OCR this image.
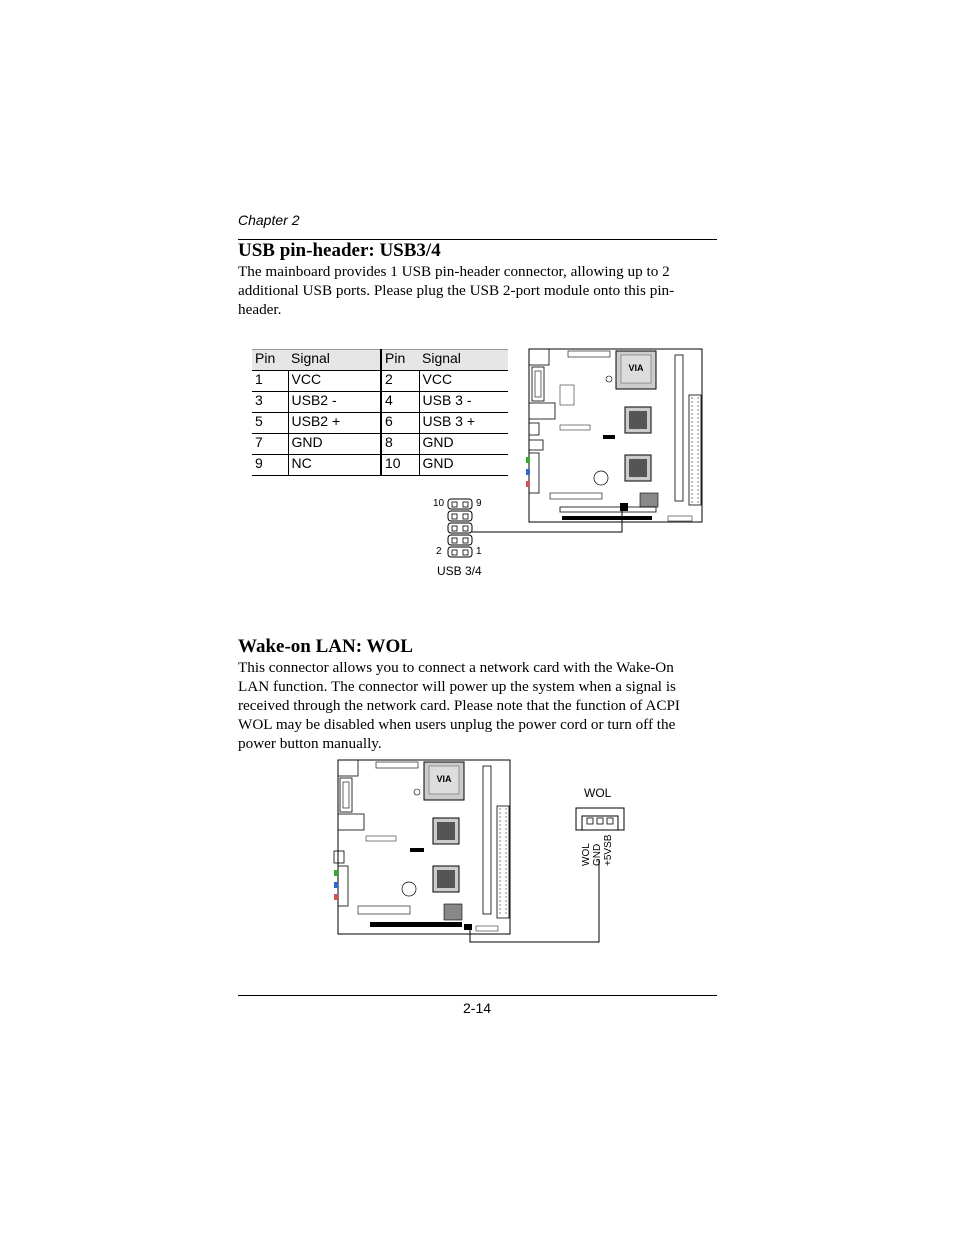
Chapter 2
USB pin-header: USB3/4
The mainboard provides 1 USB pin-header connector, allowing up to 2 additional USB ports. Please plug the USB 2-port module onto this pin-header.
Pin	Signal	Pin	Signal
1	VCC	2	VCC
3	USB2 -	4	USB 3 -
5	USB2 +	6	USB 3 +
7	GND	8	GND
9	NC	10	GND
VIA
10	9
2	1
USB 3/4
Wake-on LAN: WOL
This connector allows you to connect a network card with the Wake-On LAN function. The connector will power up the system when a signal is received through the network card. Please note that the function of ACPI WOL may be disabled when users unplug the power cord or turn off the power button manually.
VIA
WOL
WOL GND +5VSB
2-14
